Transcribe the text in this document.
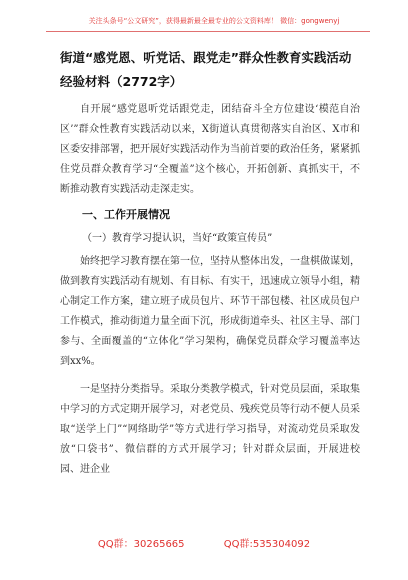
关注头条号“公文研究”，获得最新最全最专业的公文资料库！ 微信：gongwenyj
街道“感党恩、听党话、跟党走”群众性教育实践活动经验材料（2772字）

自开展“感党恩听党话跟党走，团结奋斗全方位建设‘模范自治区’”群众性教育实践活动以来，X街道认真贯彻落实自治区、X市和区委安排部署，把开展好实践活动作为当前首要的政治任务，紧紧抓住党员群众教育学习“全覆盖”这个核心，开拓创新、真抓实干，不断推动教育实践活动走深走实。

一、工作开展情况
（一）教育学习提认识，当好“政策宣传员”

始终把学习教育摆在第一位，坚持从整体出发，一盘棋做谋划，做到教育实践活动有规划、有目标、有实干，迅速成立领导小组，精心制定工作方案，建立班子成员包片、环节干部包楼、社区成员包户工作模式，推动街道力量全面下沉，形成街道牵头、社区主导、部门参与、全面覆盖的“立体化”学习架构，确保党员群众学习覆盖率达到xx%。

一是坚持分类指导。采取分类教学模式，针对党员层面，采取集中学习的方式定期开展学习，对老党员、残疾党员等行动不便人员采取“送学上门”“网络助学”等方式进行学习指导，对流动党员采取发放“口袋书”、微信群的方式开展学习；针对群众层面，开展进校园、进企业

QQ群：30265665	QQ群:535304092
